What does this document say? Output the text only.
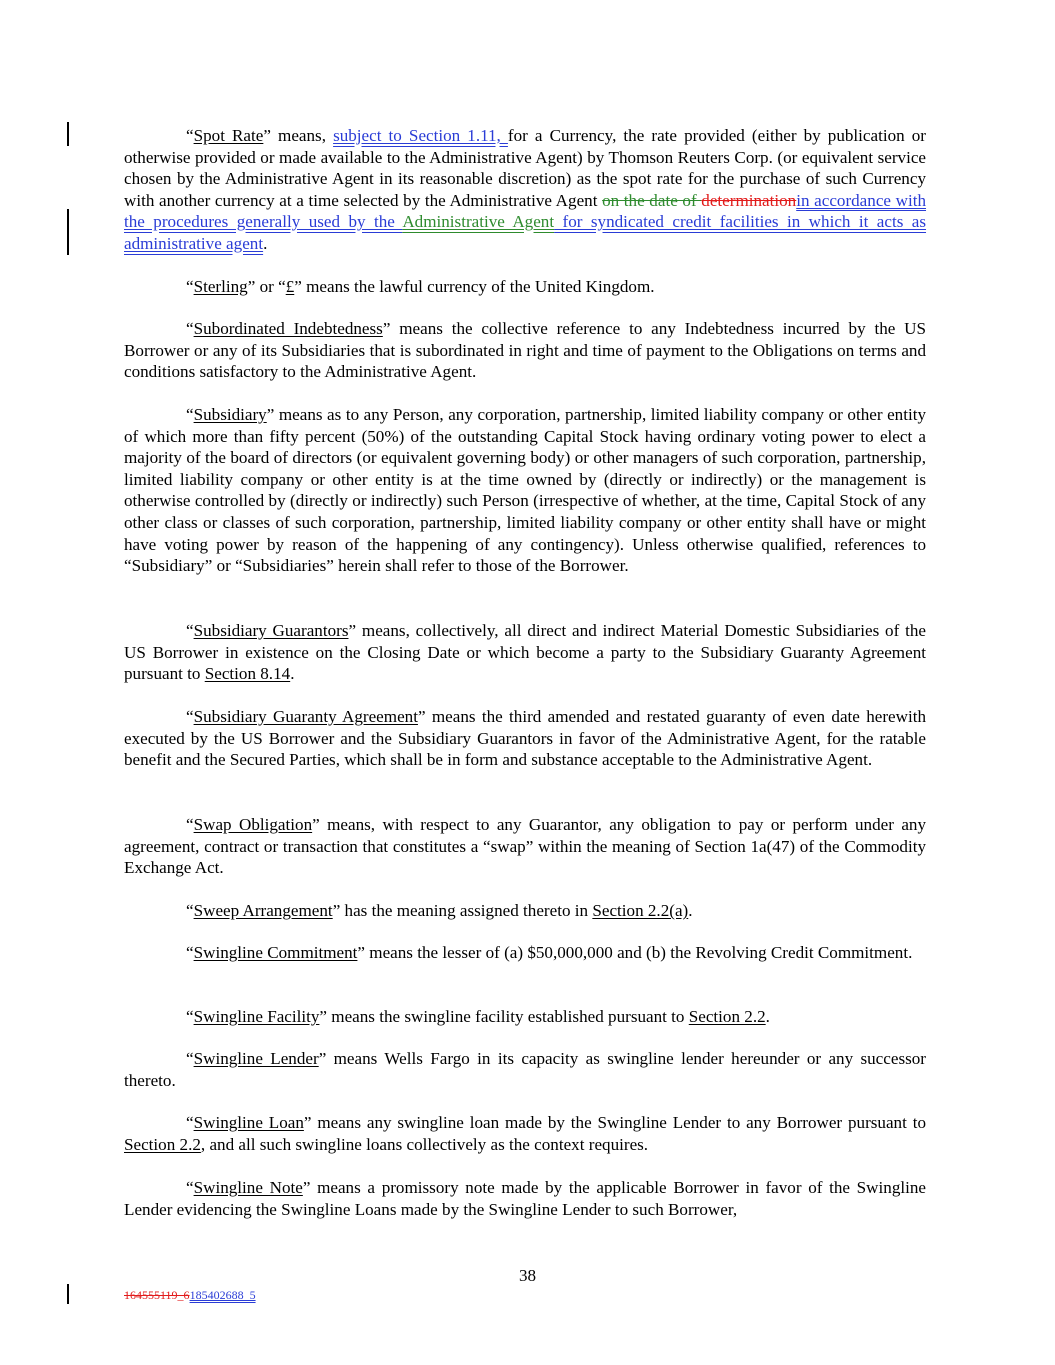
“Spot Rate” means, subject to Section 1.11, for a Currency, the rate provided (either by publication or otherwise provided or made available to the Administrative Agent) by Thomson Reuters Corp. (or equivalent service chosen by the Administrative Agent in its reasonable discretion) as the spot rate for the purchase of such Currency with another currency at a time selected by the Administrative Agent on the date of determinationin accordance with the procedures generally used by the Administrative Agent for syndicated credit facilities in which it acts as administrative agent.

“Sterling” or “£” means the lawful currency of the United Kingdom.

“Subordinated Indebtedness” means the collective reference to any Indebtedness incurred by the US Borrower or any of its Subsidiaries that is subordinated in right and time of payment to the Obligations on terms and conditions satisfactory to the Administrative Agent.

“Subsidiary” means as to any Person, any corporation, partnership, limited liability company or other entity of which more than fifty percent (50%) of the outstanding Capital Stock having ordinary voting power to elect a majority of the board of directors (or equivalent governing body) or other managers of such corporation, partnership, limited liability company or other entity is at the time owned by (directly or indirectly) or the management is otherwise controlled by (directly or indirectly) such Person (irrespective of whether, at the time, Capital Stock of any other class or classes of such corporation, partnership, limited liability company or other entity shall have or might have voting power by reason of the happening of any contingency). Unless otherwise qualified, references to “Subsidiary” or “Subsidiaries” herein shall refer to those of the Borrower.

“Subsidiary Guarantors” means, collectively, all direct and indirect Material Domestic Subsidiaries of the US Borrower in existence on the Closing Date or which become a party to the Subsidiary Guaranty Agreement pursuant to Section 8.14.

“Subsidiary Guaranty Agreement” means the third amended and restated guaranty of even date herewith executed by the US Borrower and the Subsidiary Guarantors in favor of the Administrative Agent, for the ratable benefit and the Secured Parties, which shall be in form and substance acceptable to the Administrative Agent.

“Swap Obligation” means, with respect to any Guarantor, any obligation to pay or perform under any agreement, contract or transaction that constitutes a “swap” within the meaning of Section 1a(47) of the Commodity Exchange Act.

“Sweep Arrangement” has the meaning assigned thereto in Section 2.2(a).

“Swingline Commitment” means the lesser of (a) $50,000,000 and (b) the Revolving Credit Commitment.

“Swingline Facility” means the swingline facility established pursuant to Section 2.2.

“Swingline Lender” means Wells Fargo in its capacity as swingline lender hereunder or any successor thereto.

“Swingline Loan” means any swingline loan made by the Swingline Lender to any Borrower pursuant to Section 2.2, and all such swingline loans collectively as the context requires.

“Swingline Note” means a promissory note made by the applicable Borrower in favor of the Swingline Lender evidencing the Swingline Loans made by the Swingline Lender to such Borrower,

38
164555119_6185402688_5
